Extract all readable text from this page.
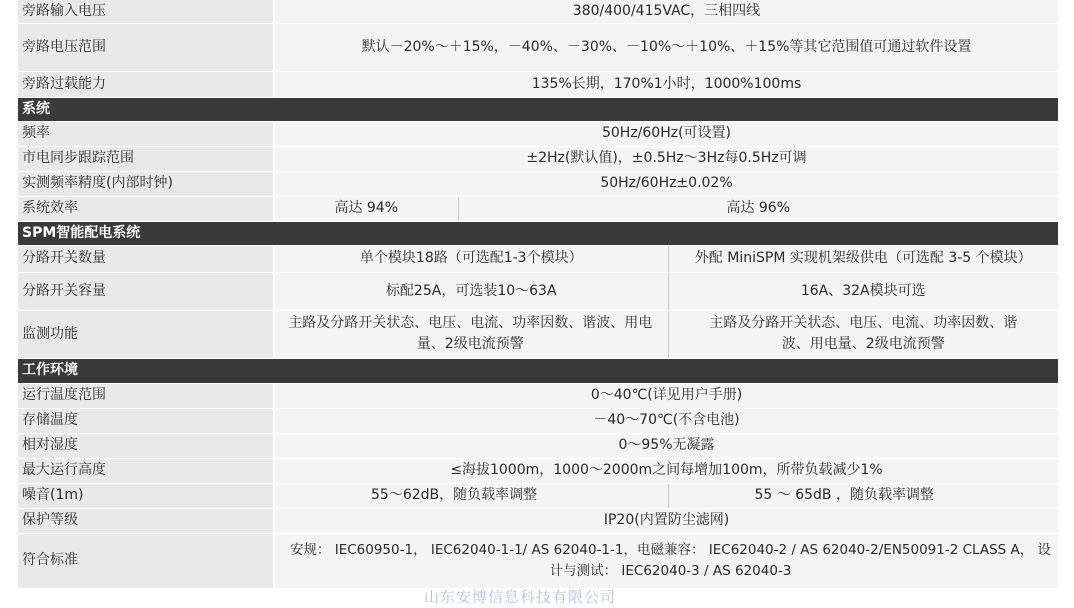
旁路输入电压	380/400/415VAC，三相四线		
旁路电压范围	默认－20%～＋15%，－40%、－30%、－10%～＋10%、＋15%等其它范围值可通过软件设置		
旁路过载能力	135%长期，170%1小时，1000%100ms		
系统			
频率	50Hz/60Hz(可设置)		
市电同步跟踪范围	±2Hz(默认值)，±0.5Hz～3Hz每0.5Hz可调		
实测频率精度(内部时钟)	50Hz/60Hz±0.02%		
系统效率	高达 94%	高达 96%	
SPM智能配电系统			
分路开关数量	单个模块18路（可选配1-3个模块）		外配 MiniSPM 实现机架级供电（可选配 3-5 个模块）
分路开关容量	标配25A，可选装10～63A		16A、32A模块可选
监测功能	主路及分路开关状态、电压、电流、功率因数、谐波、用电量、2级电流预警		主路及分路开关状态、电压、电流、功率因数、谐波、用电量、2级电流预警
工作环境			
运行温度范围	0～40℃(详见用户手册)		
存储温度	－40～70℃(不含电池)		
相对湿度	0～95%无凝露		
最大运行高度	≤海拔1000m，1000～2000m之间每增加100m，所带负载减少1%		
噪音(1m)	55～62dB，随负载率调整		55 ～ 65dB ，随负载率调整
保护等级	IP20(内置防尘滤网)		
符合标准	安规： IEC60950-1， IEC62040-1-1/ AS 62040-1-1，电磁兼容： IEC62040-2 / AS 62040-2/EN50091-2 CLASS A， 设计与测试： IEC62040-3 / AS 62040-3		
山东安博信息科技有限公司
